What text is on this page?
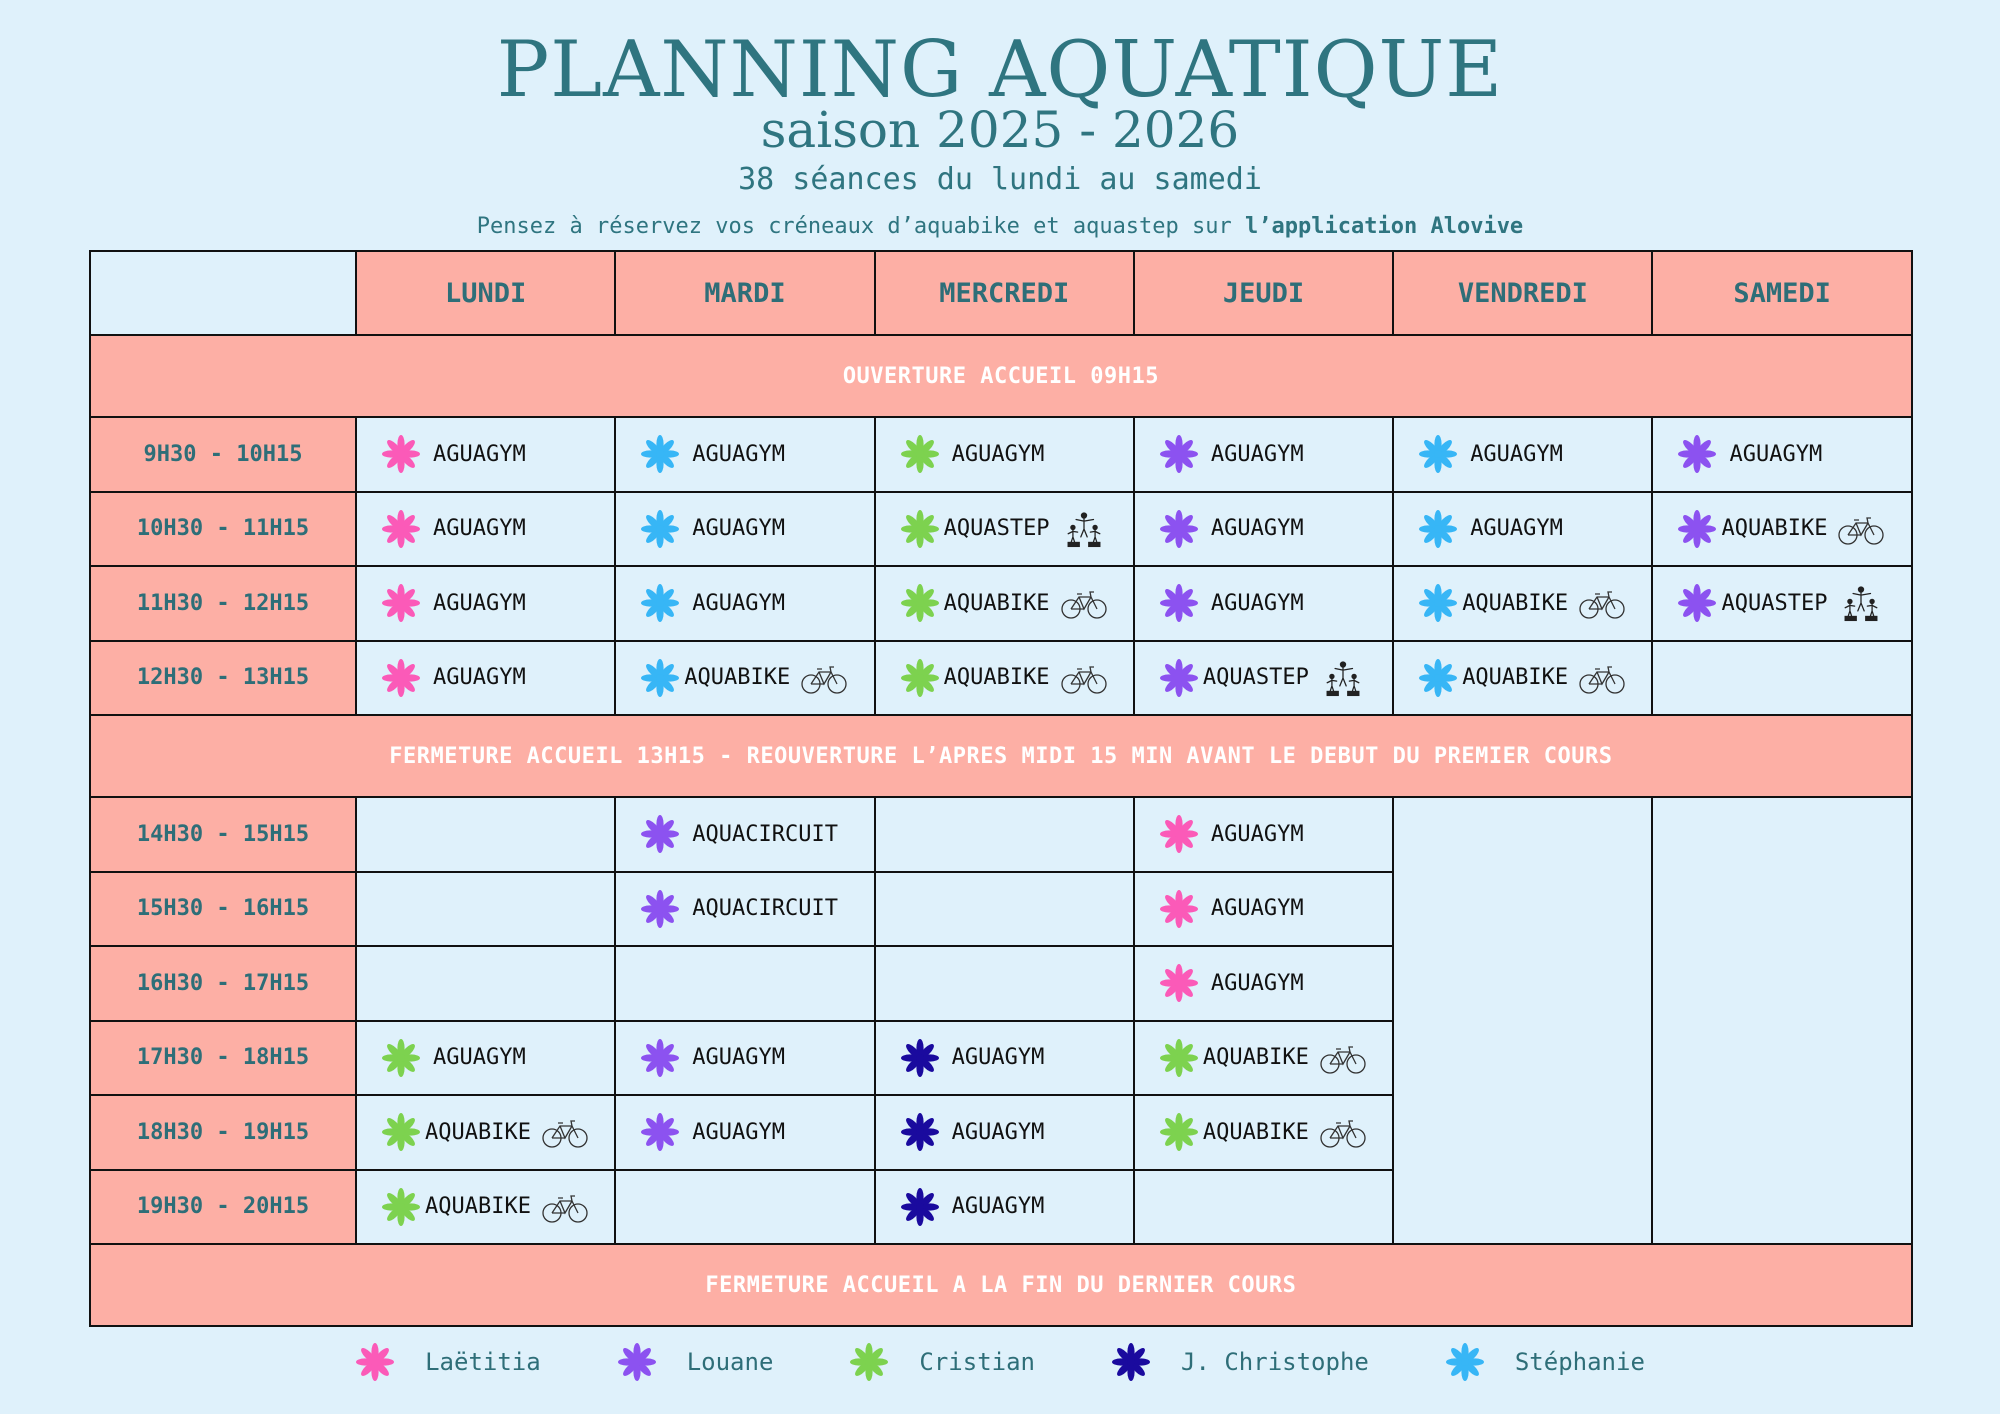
PLANNING AQUATIQUE
saison 2025 - 2026
38 séances du lundi au samedi
Pensez à réservez vos créneaux d’aquabike et aquastep sur l’application Alovive
	LUNDI	MARDI	MERCREDI	JEUDI	VENDREDI	SAMEDI
OUVERTURE ACCUEIL 09H15						
9H30 - 10H15	AGUAGYM	AGUAGYM	AGUAGYM	AGUAGYM	AGUAGYM	AGUAGYM

10H30 - 11H15	AGUAGYM	AGUAGYM	AQUASTEP	AGUAGYM	AGUAGYM	AQUABIKE

11H30 - 12H15	AGUAGYM	AGUAGYM	AQUABIKE	AGUAGYM	AQUABIKE	AQUASTEP

12H30 - 13H15	AGUAGYM	AQUABIKE	AQUABIKE	AQUASTEP	AQUABIKE	

FERMETURE ACCUEIL 13H15 - REOUVERTURE L’APRES MIDI 15 MIN AVANT LE DEBUT DU PREMIER COURS						
14H30 - 15H15		AQUACIRCUIT		AGUAGYM		

15H30 - 16H15		AQUACIRCUIT		AGUAGYM		

16H30 - 17H15				AGUAGYM		

17H30 - 18H15	AGUAGYM	AGUAGYM	AGUAGYM	AQUABIKE		

18H30 - 19H15	AQUABIKE	AGUAGYM	AGUAGYM	AQUABIKE		

19H30 - 20H15	AQUABIKE		AGUAGYM			

FERMETURE ACCUEIL A LA FIN DU DERNIER COURS						
Laëtitia	Louane	Cristian	J. Christophe	Stéphanie
